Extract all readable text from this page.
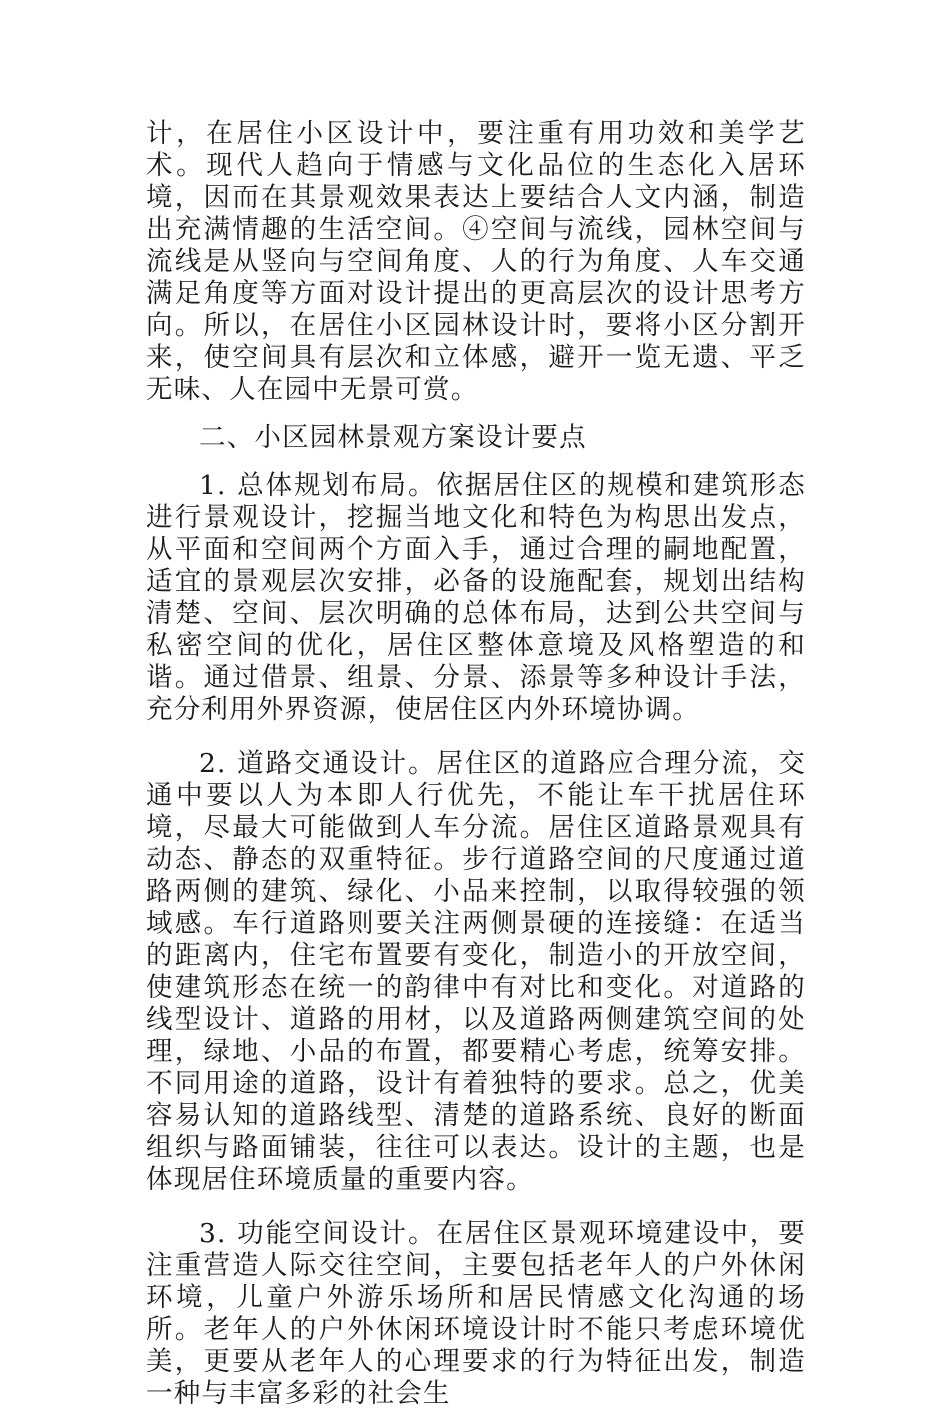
计，在居住小区设计中，要注重有用功效和美学艺术。现代人趋向于情感与文化品位的生态化入居环境，因而在其景观效果表达上要结合人文内涵，制造出充满情趣的生活空间。④空间与流线，园林空间与流线是从竖向与空间角度、人的行为角度、人车交通满足角度等方面对设计提出的更高层次的设计思考方向。所以，在居住小区园林设计时，要将小区分割开来，使空间具有层次和立体感，避开一览无遗、平乏无味、人在园中无景可赏。

二、小区园林景观方案设计要点

1. 总体规划布局。依据居住区的规模和建筑形态进行景观设计，挖掘当地文化和特色为构思出发点，从平面和空间两个方面入手，通过合理的嗣地配置，适宜的景观层次安排，必备的设施配套，规划出结构清楚、空间、层次明确的总体布局，达到公共空间与私密空间的优化，居住区整体意境及风格塑造的和谐。通过借景、组景、分景、添景等多种设计手法，充分利用外界资源，使居住区内外环境协调。

2. 道路交通设计。居住区的道路应合理分流，交通中要以人为本即人行优先，不能让车干扰居住环境，尽最大可能做到人车分流。居住区道路景观具有动态、静态的双重特征。步行道路空间的尺度通过道路两侧的建筑、绿化、小品来控制，以取得较强的领域感。车行道路则要关注两侧景硬的连接缝：在适当的距离内，住宅布置要有变化，制造小的开放空间，使建筑形态在统一的韵律中有对比和变化。对道路的线型设计、道路的用材，以及道路两侧建筑空间的处理，绿地、小品的布置，都要精心考虑，统筹安排。不同用途的道路，设计有着独特的要求。总之，优美容易认知的道路线型、清楚的道路系统、良好的断面组织与路面铺装，往往可以表达。设计的主题，也是体现居住环境质量的重要内容。

3. 功能空间设计。在居住区景观环境建设中，要注重营造人际交往空间，主要包括老年人的户外休闲环境，儿童户外游乐场所和居民情感文化沟通的场所。老年人的户外休闲环境设计时不能只考虑环境优美，更要从老年人的心理要求的行为特征出发，制造一种与丰富多彩的社会生
